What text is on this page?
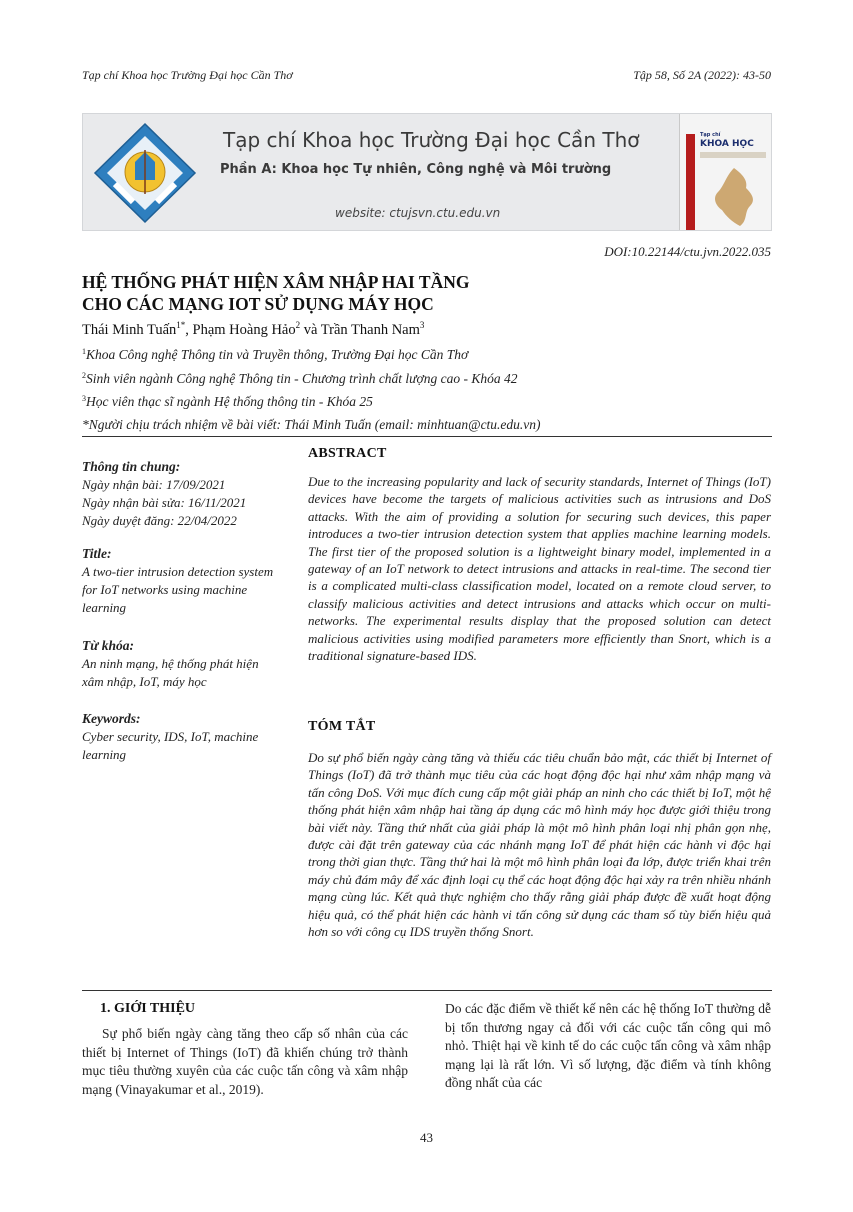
Tạp chí Khoa học Trường Đại học Cần Thơ	Tập 58, Số 2A (2022): 43-50
Tạp chí Khoa học Trường Đại học Cần Thơ
Phần A: Khoa học Tự nhiên, Công nghệ và Môi trường
website: ctujsvn.ctu.edu.vn
Tạp chí
KHOA HỌC
DOI:10.22144/ctu.jvn.2022.035
HỆ THỐNG PHÁT HIỆN XÂM NHẬP HAI TẦNG
CHO CÁC MẠNG IOT SỬ DỤNG MÁY HỌC
Thái Minh Tuấn$^{1*}$, Phạm Hoàng Hảo$^2$ và Trần Thanh Nam$^3$
$^1$Khoa Công nghệ Thông tin và Truyền thông, Trường Đại học Cần Thơ
$^2$Sinh viên ngành Công nghệ Thông tin - Chương trình chất lượng cao - Khóa 42
$^3$Học viên thạc sĩ ngành Hệ thống thông tin - Khóa 25
*Người chịu trách nhiệm về bài viết: Thái Minh Tuấn (email: minhtuan@ctu.edu.vn)
Thông tin chung:
Ngày nhận bài: 17/09/2021
Ngày nhận bài sửa: 16/11/2021
Ngày duyệt đăng: 22/04/2022
Title:
A two-tier intrusion detection system for IoT networks using machine learning
Từ khóa:
An ninh mạng, hệ thống phát hiện xâm nhập, IoT, máy học
Keywords:
Cyber security, IDS, IoT, machine learning
ABSTRACT
Due to the increasing popularity and lack of security standards, Internet of Things (IoT) devices have become the targets of malicious activities such as intrusions and DoS attacks. With the aim of providing a solution for securing such devices, this paper introduces a two-tier intrusion detection system that applies machine learning models. The first tier of the proposed solution is a lightweight binary model, implemented in a gateway of an IoT network to detect intrusions and attacks in real-time. The second tier is a complicated multi-class classification model, located on a remote cloud server, to classify malicious activities and detect intrusions and attacks which occur on multi-networks. The experimental results display that the proposed solution can detect malicious activities using modified parameters more efficiently than Snort, which is a traditional signature-based IDS.
TÓM TẮT
Do sự phổ biến ngày càng tăng và thiếu các tiêu chuẩn bảo mật, các thiết bị Internet of Things (IoT) đã trở thành mục tiêu của các hoạt động độc hại như xâm nhập mạng và tấn công DoS. Với mục đích cung cấp một giải pháp an ninh cho các thiết bị IoT, một hệ thống phát hiện xâm nhập hai tầng áp dụng các mô hình máy học được giới thiệu trong bài viết này. Tầng thứ nhất của giải pháp là một mô hình phân loại nhị phân gọn nhẹ, được cài đặt trên gateway của các nhánh mạng IoT để phát hiện các hành vi độc hại trong thời gian thực. Tầng thứ hai là một mô hình phân loại đa lớp, được triển khai trên máy chủ đám mây để xác định loại cụ thể các hoạt động độc hại xảy ra trên nhiều nhánh mạng cùng lúc. Kết quả thực nghiệm cho thấy rằng giải pháp được đề xuất hoạt động hiệu quả, có thể phát hiện các hành vi tấn công sử dụng các tham số tùy biến hiệu quả hơn so với công cụ IDS truyền thống Snort.
1. GIỚI THIỆU
Sự phổ biến ngày càng tăng theo cấp số nhân của các thiết bị Internet of Things (IoT) đã khiến chúng trở thành mục tiêu thường xuyên của các cuộc tấn công và xâm nhập mạng (Vinayakumar et al., 2019).
Do các đặc điểm về thiết kế nên các hệ thống IoT thường dễ bị tổn thương ngay cả đối với các cuộc tấn công qui mô nhỏ. Thiệt hại về kinh tế do các cuộc tấn công và xâm nhập mạng lại là rất lớn. Vì số lượng, đặc điểm và tính không đồng nhất của các
43
